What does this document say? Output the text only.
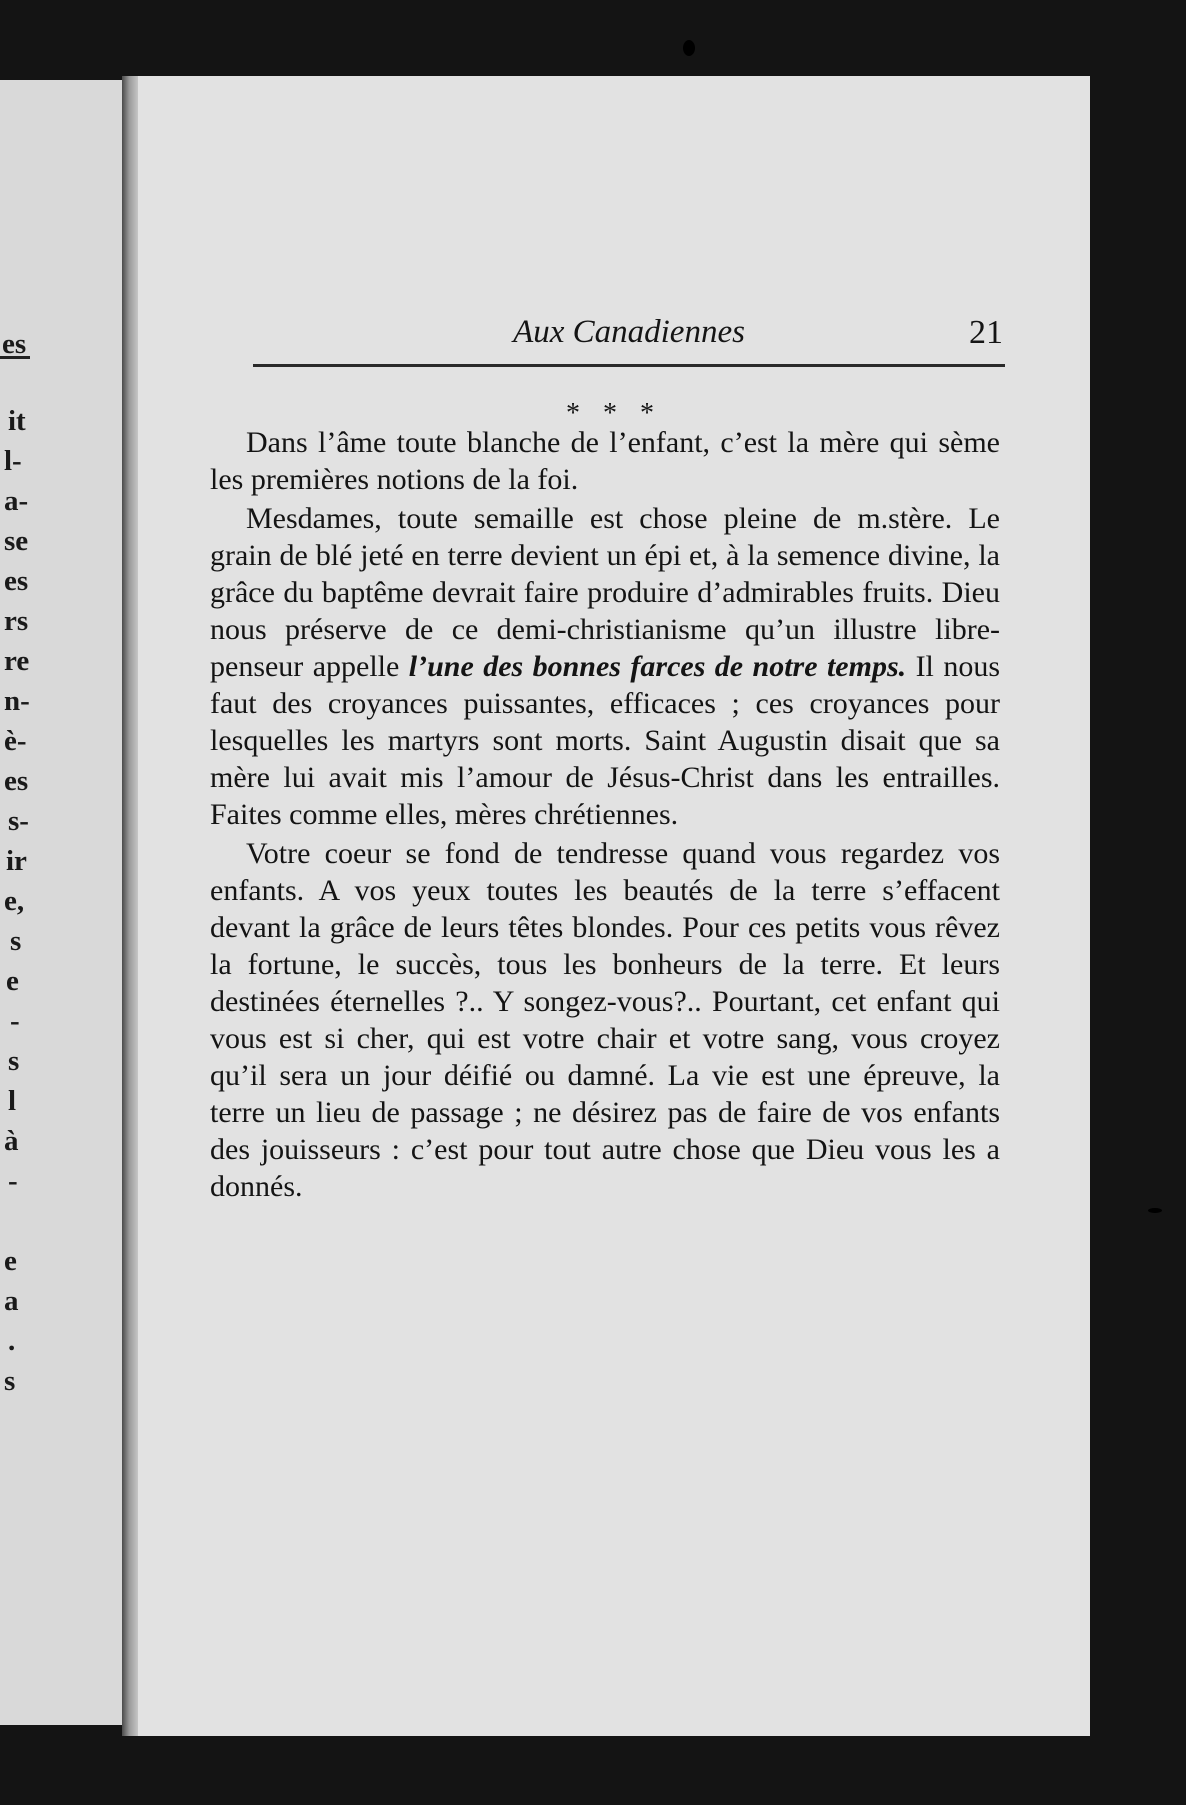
es
it
l-
a-
se
es
rs
re
n-
è-
es
s-
ir
e,
s
e
-
s
l
à
-
e
a
.
s
Aux Canadiennes	21
* * *

Dans l’âme toute blanche de l’enfant, c’est la mère qui sème les premières notions de la foi.

Mesdames, toute semaille est chose pleine de m.stère. Le grain de blé jeté en terre devient un épi et, à la semence divine, la grâce du baptême devrait faire produire d’admirables fruits. Dieu nous préserve de ce demi-christianisme qu’un illustre libre-penseur appelle l’une des bonnes farces de notre temps. Il nous faut des croyances puissantes, efficaces ; ces croyances pour lesquelles les martyrs sont morts. Saint Augustin disait que sa mère lui avait mis l’amour de Jésus-Christ dans les entrailles. Faites comme elles, mères chrétiennes.

Votre coeur se fond de tendresse quand vous regardez vos enfants. A vos yeux toutes les beautés de la terre s’effacent devant la grâce de leurs têtes blondes. Pour ces petits vous rêvez la fortune, le succès, tous les bonheurs de la terre. Et leurs destinées éternelles ?.. Y songez-vous?.. Pourtant, cet enfant qui vous est si cher, qui est votre chair et votre sang, vous croyez qu’il sera un jour déifié ou damné. La vie est une épreuve, la terre un lieu de passage ; ne désirez pas de faire de vos enfants des jouisseurs : c’est pour tout autre chose que Dieu vous les a donnés.
